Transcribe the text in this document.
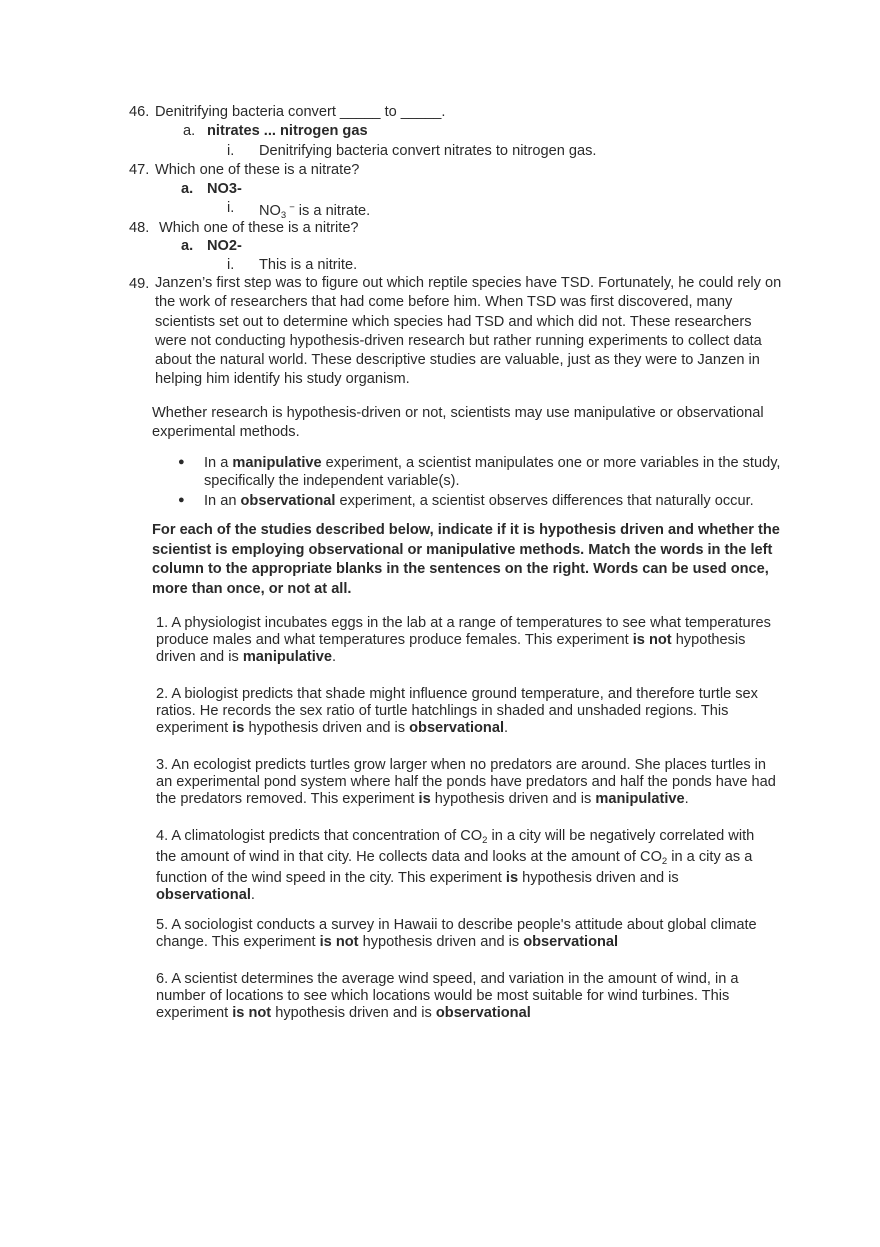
46. Denitrifying bacteria convert _____ to _____.
a. nitrates ... nitrogen gas
i. Denitrifying bacteria convert nitrates to nitrogen gas.
47. Which one of these is a nitrate?
a. NO3-
i. $NO_3^-$ is a nitrate.
48. Which one of these is a nitrite?
a. NO2-
i. This is a nitrite.
49. Janzen’s first step was to figure out which reptile species have TSD. Fortunately, he could rely on
the work of researchers that had come before him. When TSD was first discovered, many
scientists set out to determine which species had TSD and which did not. These researchers
were not conducting hypothesis-driven research but rather running experiments to collect data
about the natural world. These descriptive studies are valuable, just as they were to Janzen in
helping him identify his study organism.
Whether research is hypothesis-driven or not, scientists may use manipulative or observational
experimental methods.
● In a manipulative experiment, a scientist manipulates one or more variables in the study,
specifically the independent variable(s).
● In an observational experiment, a scientist observes differences that naturally occur.
For each of the studies described below, indicate if it is hypothesis driven and whether the
scientist is employing observational or manipulative methods. Match the words in the left
column to the appropriate blanks in the sentences on the right. Words can be used once,
more than once, or not at all.
1. A physiologist incubates eggs in the lab at a range of temperatures to see what temperatures
produce males and what temperatures produce females. This experiment is not hypothesis
driven and is manipulative.
2. A biologist predicts that shade might influence ground temperature, and therefore turtle sex
ratios. He records the sex ratio of turtle hatchlings in shaded and unshaded regions. This
experiment is hypothesis driven and is observational.
3. An ecologist predicts turtles grow larger when no predators are around. She places turtles in
an experimental pond system where half the ponds have predators and half the ponds have had
the predators removed. This experiment is hypothesis driven and is manipulative.
4. A climatologist predicts that concentration of $CO_2$ in a city will be negatively correlated with
the amount of wind in that city. He collects data and looks at the amount of $CO_2$ in a city as a
function of the wind speed in the city. This experiment is hypothesis driven and is
observational.
5. A sociologist conducts a survey in Hawaii to describe people's attitude about global climate
change. This experiment is not hypothesis driven and is observational
6. A scientist determines the average wind speed, and variation in the amount of wind, in a
number of locations to see which locations would be most suitable for wind turbines. This
experiment is not hypothesis driven and is observational
